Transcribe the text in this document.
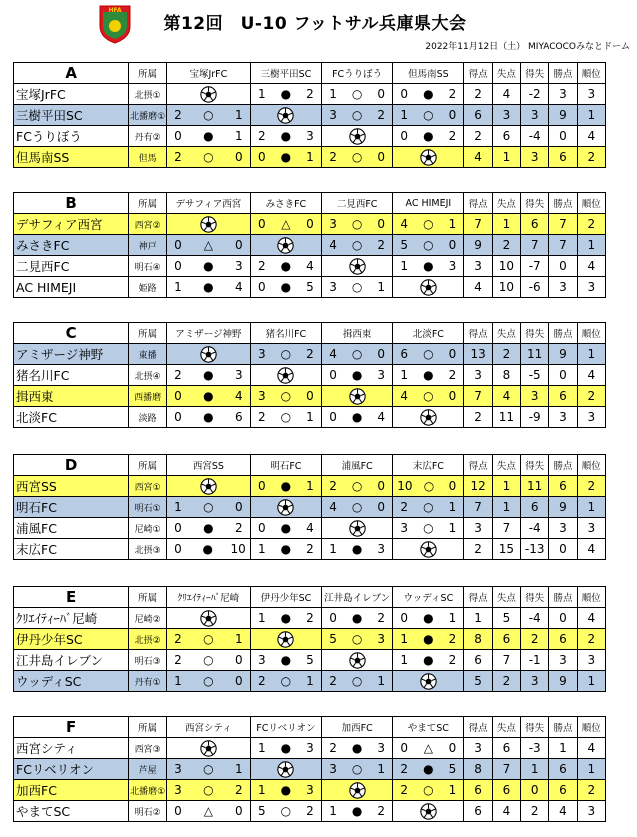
HFA
第12回　U-10 フットサル兵庫県大会
2022年11月12日（土） MIYACOCOみなとドーム
A	所属	宝塚JrFC	三樹平田SC	FCうりぼう	但馬南SS	得点	失点	得失	勝点	順位
宝塚JrFC	北摂①		1 ● 2	1 ○ 0	0 ● 2	2	4	-2	3	3
三樹平田SC	北播磨①	2 ○ 1		3 ○ 2	1 ○ 0	6	3	3	9	1
FCうりぼう	丹有②	0 ● 1	2 ● 3		0 ● 2	2	6	-4	0	4
但馬南SS	但馬	2 ○ 0	0 ● 1	2 ○ 0		4	1	3	6	2
B	所属	デサフィア西宮	みさきFC	二見西FC	AC HIMEJI	得点	失点	得失	勝点	順位
デサフィア西宮	西宮②		0 △ 0	3 ○ 0	4 ○ 1	7	1	6	7	2
みさきFC	神戸	0 △ 0		4 ○ 2	5 ○ 0	9	2	7	7	1
二見西FC	明石④	0 ● 3	2 ● 4		1 ● 3	3	10	-7	0	4
AC HIMEJI	姫路	1 ● 4	0 ● 5	3 ○ 1		4	10	-6	3	3
C	所属	アミザージ神野	猪名川FC	揖西東	北淡FC	得点	失点	得失	勝点	順位
アミザージ神野	東播		3 ○ 2	4 ○ 0	6 ○ 0	13	2	11	9	1
猪名川FC	北摂④	2 ● 3		0 ● 3	1 ● 2	3	8	-5	0	4
揖西東	西播磨	0 ● 4	3 ○ 0		4 ○ 0	7	4	3	6	2
北淡FC	淡路	0 ● 6	2 ○ 1	0 ● 4		2	11	-9	3	3
D	所属	西宮SS	明石FC	浦風FC	末広FC	得点	失点	得失	勝点	順位
西宮SS	西宮①		0 ● 1	2 ○ 0	10 ○ 0	12	1	11	6	2
明石FC	明石①	1 ○ 0		4 ○ 0	2 ○ 1	7	1	6	9	1
浦風FC	尼崎①	0 ● 2	0 ● 4		3 ○ 1	3	7	-4	3	3
末広FC	北摂③	0 ● 10	1 ● 2	1 ● 3		2	15	-13	0	4
E	所属	ｸﾘｴｲﾃｨｰﾊﾞ尼崎	伊丹少年SC	江井島イレブン	ウッディSC	得点	失点	得失	勝点	順位
ｸﾘｴｲﾃｨｰﾊﾞ尼崎	尼崎②		1 ● 2	0 ● 2	0 ● 1	1	5	-4	0	4
伊丹少年SC	北摂②	2 ○ 1		5 ○ 3	1 ● 2	8	6	2	6	2
江井島イレブン	明石③	2 ○ 0	3 ● 5		1 ● 2	6	7	-1	3	3
ウッディSC	丹有①	1 ○ 0	2 ○ 1	2 ○ 1		5	2	3	9	1
F	所属	西宮シティ	FCリベリオン	加西FC	やまてSC	得点	失点	得失	勝点	順位
西宮シティ	西宮③		1 ● 3	2 ● 3	0 △ 0	3	6	-3	1	4
FCリベリオン	芦屋	3 ○ 1		3 ○ 1	2 ● 5	8	7	1	6	1
加西FC	北播磨①	3 ○ 2	1 ● 3		2 ○ 1	6	6	0	6	2
やまてSC	明石②	0 △ 0	5 ○ 2	1 ● 2		6	4	2	4	3
